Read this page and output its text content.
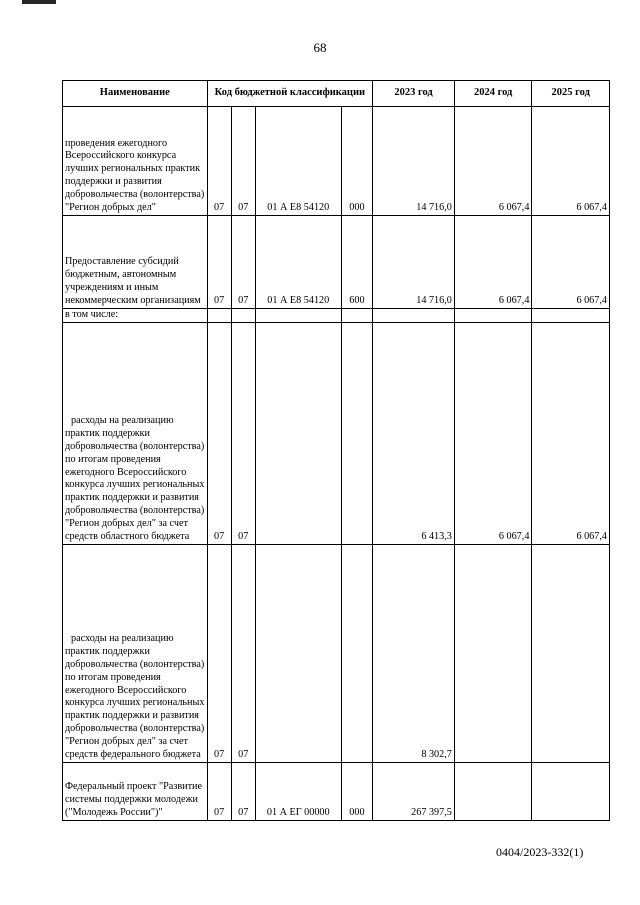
68
Наименование	Код бюджетной классификации				2023 год	2024 год	2025 год
проведения ежегодного Всероссийского конкурса лучших региональных практик поддержки и развития добровольчества (волонтерства) "Регион добрых дел"	07	07	01 А Е8 54120	000	14 716,0	6 067,4	6 067,4
Предоставление субсидий бюджетным, автономным учреждениям и иным некоммерческим организациям	07	07	01 А Е8 54120	600	14 716,0	6 067,4	6 067,4
в том числе:							
расходы на реализацию практик поддержки добровольчества (волонтерства) по итогам проведения ежегодного Всероссийского конкурса лучших региональных практик поддержки и развития добровольчества (волонтерства) "Регион добрых дел" за счет средств областного бюджета	07	07			6 413,3	6 067,4	6 067,4
расходы на реализацию практик поддержки добровольчества (волонтерства) по итогам проведения ежегодного Всероссийского конкурса лучших региональных практик поддержки и развития добровольчества (волонтерства) "Регион добрых дел" за счет средств федерального бюджета	07	07			8 302,7		
Федеральный проект "Развитие системы поддержки молодежи ("Молодежь России")"	07	07	01 А ЕГ 00000	000	267 397,5		
0404/2023-332(1)
